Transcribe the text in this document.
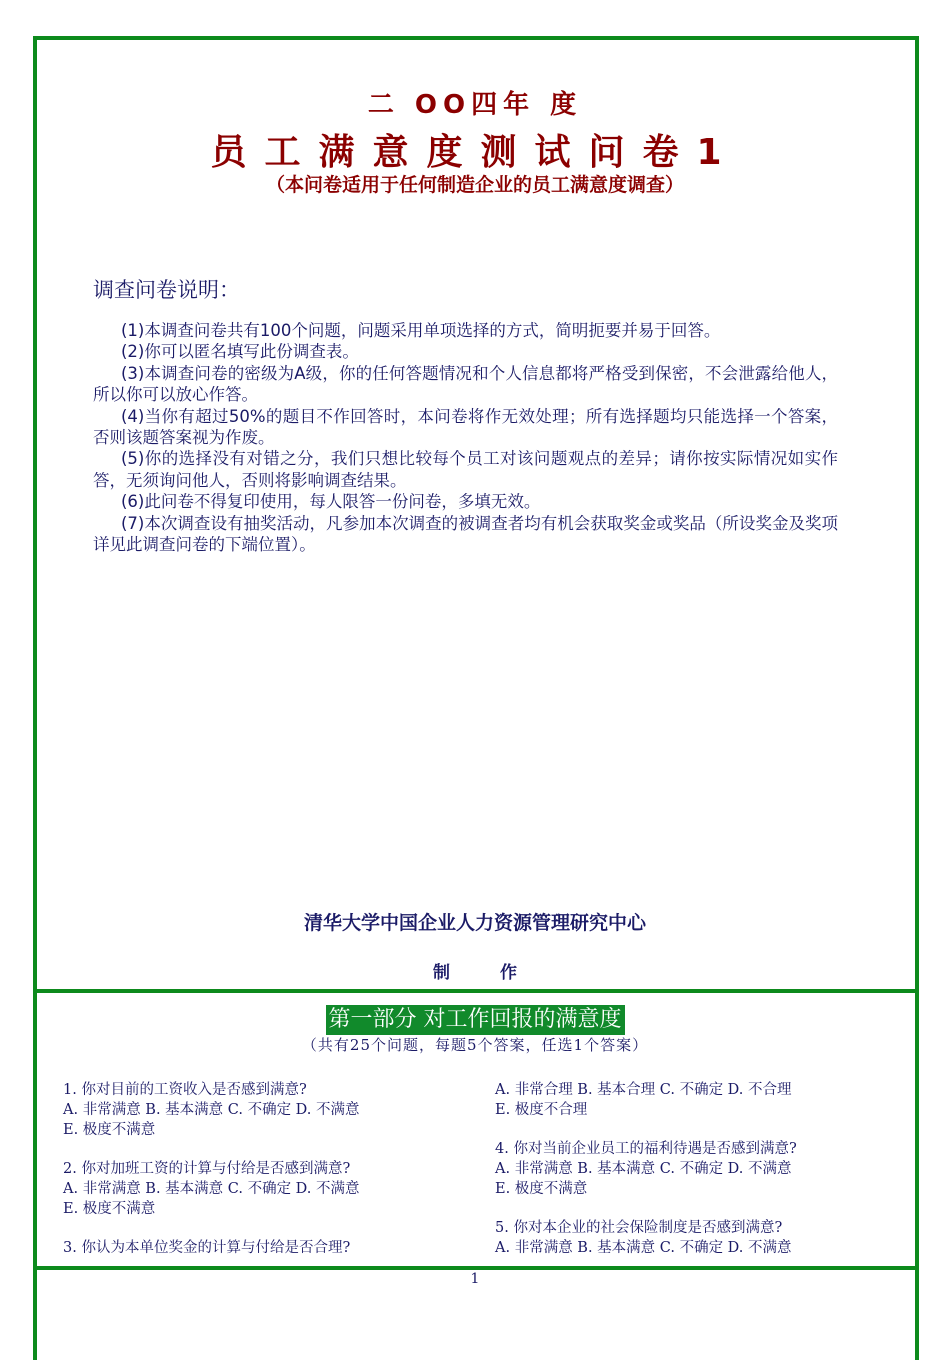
二 OO四年 度
员工满意度测试问卷1
（本问卷适用于任何制造企业的员工满意度调查）
调查问卷说明：

(1)本调查问卷共有100个问题，问题采用单项选择的方式，简明扼要并易于回答。

(2)你可以匿名填写此份调查表。

(3)本调查问卷的密级为A级，你的任何答题情况和个人信息都将严格受到保密，不会泄露给他人，所以你可以放心作答。

(4)当你有超过50%的题目不作回答时，本问卷将作无效处理；所有选择题均只能选择一个答案，否则该题答案视为作废。

(5)你的选择没有对错之分，我们只想比较每个员工对该问题观点的差异；请你按实际情况如实作答，无须询问他人，否则将影响调查结果。

(6)此问卷不得复印使用，每人限答一份问卷，多填无效。

(7)本次调查设有抽奖活动，凡参加本次调查的被调查者均有机会获取奖金或奖品（所设奖金及奖项详见此调查问卷的下端位置）。

清华大学中国企业人力资源管理研究中心
制	作
第一部分 对工作回报的满意度
（共有25个问题，每题5个答案，任选1个答案）
1. 你对目前的工资收入是否感到满意?
A. 非常满意 B. 基本满意 C. 不确定 D. 不满意
E. 极度不满意
2. 你对加班工资的计算与付给是否感到满意?
A. 非常满意 B. 基本满意 C. 不确定 D. 不满意
E. 极度不满意
3. 你认为本单位奖金的计算与付给是否合理?
A. 非常合理 B. 基本合理 C. 不确定 D. 不合理
E. 极度不合理
4. 你对当前企业员工的福利待遇是否感到满意?
A. 非常满意 B. 基本满意 C. 不确定 D. 不满意
E. 极度不满意
5. 你对本企业的社会保险制度是否感到满意?
A. 非常满意 B. 基本满意 C. 不确定 D. 不满意
1
